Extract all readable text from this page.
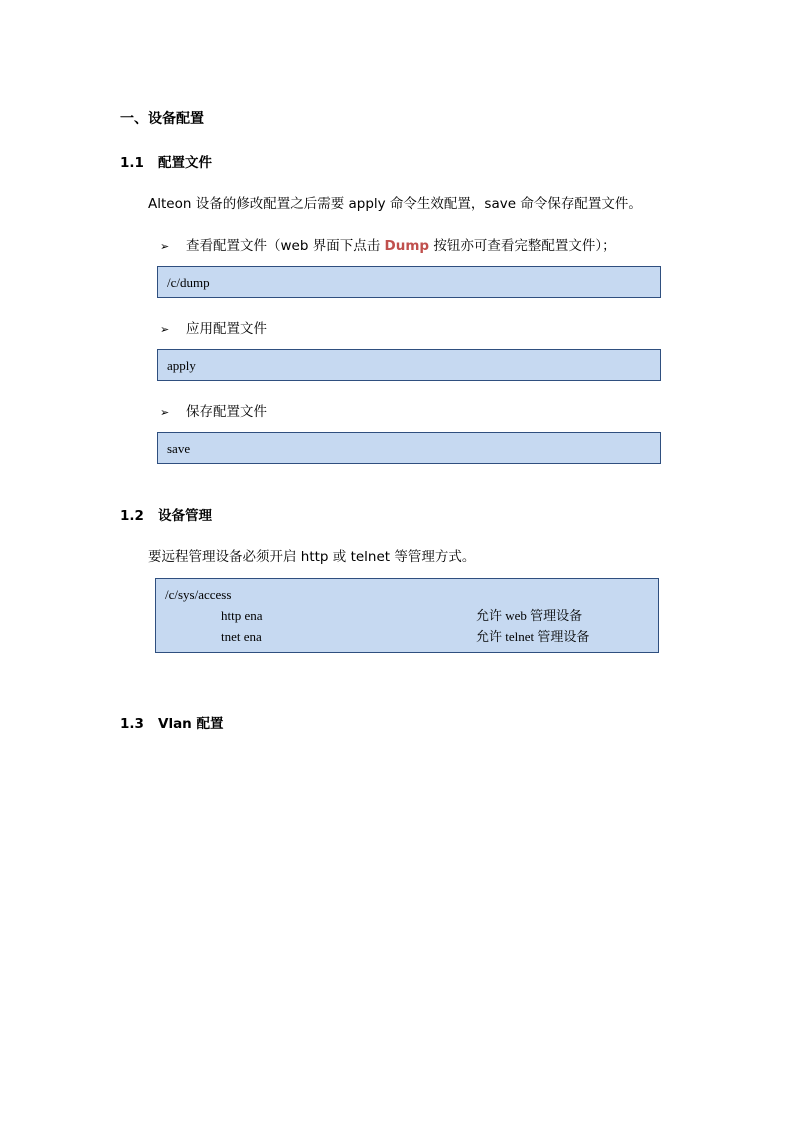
一、设备配置
1.1 配置文件
Alteon 设备的修改配置之后需要 apply 命令生效配置，save 命令保存配置文件。
➢ 查看配置文件（web 界面下点击 Dump 按钮亦可查看完整配置文件）；
/c/dump
➢ 应用配置文件
apply
➢ 保存配置文件
save
1.2 设备管理
要远程管理设备必须开启 http 或 telnet 等管理方式。
/c/sys/access
http ena	允许 web 管理设备
tnet ena	允许 telnet 管理设备
1.3 Vlan 配置
